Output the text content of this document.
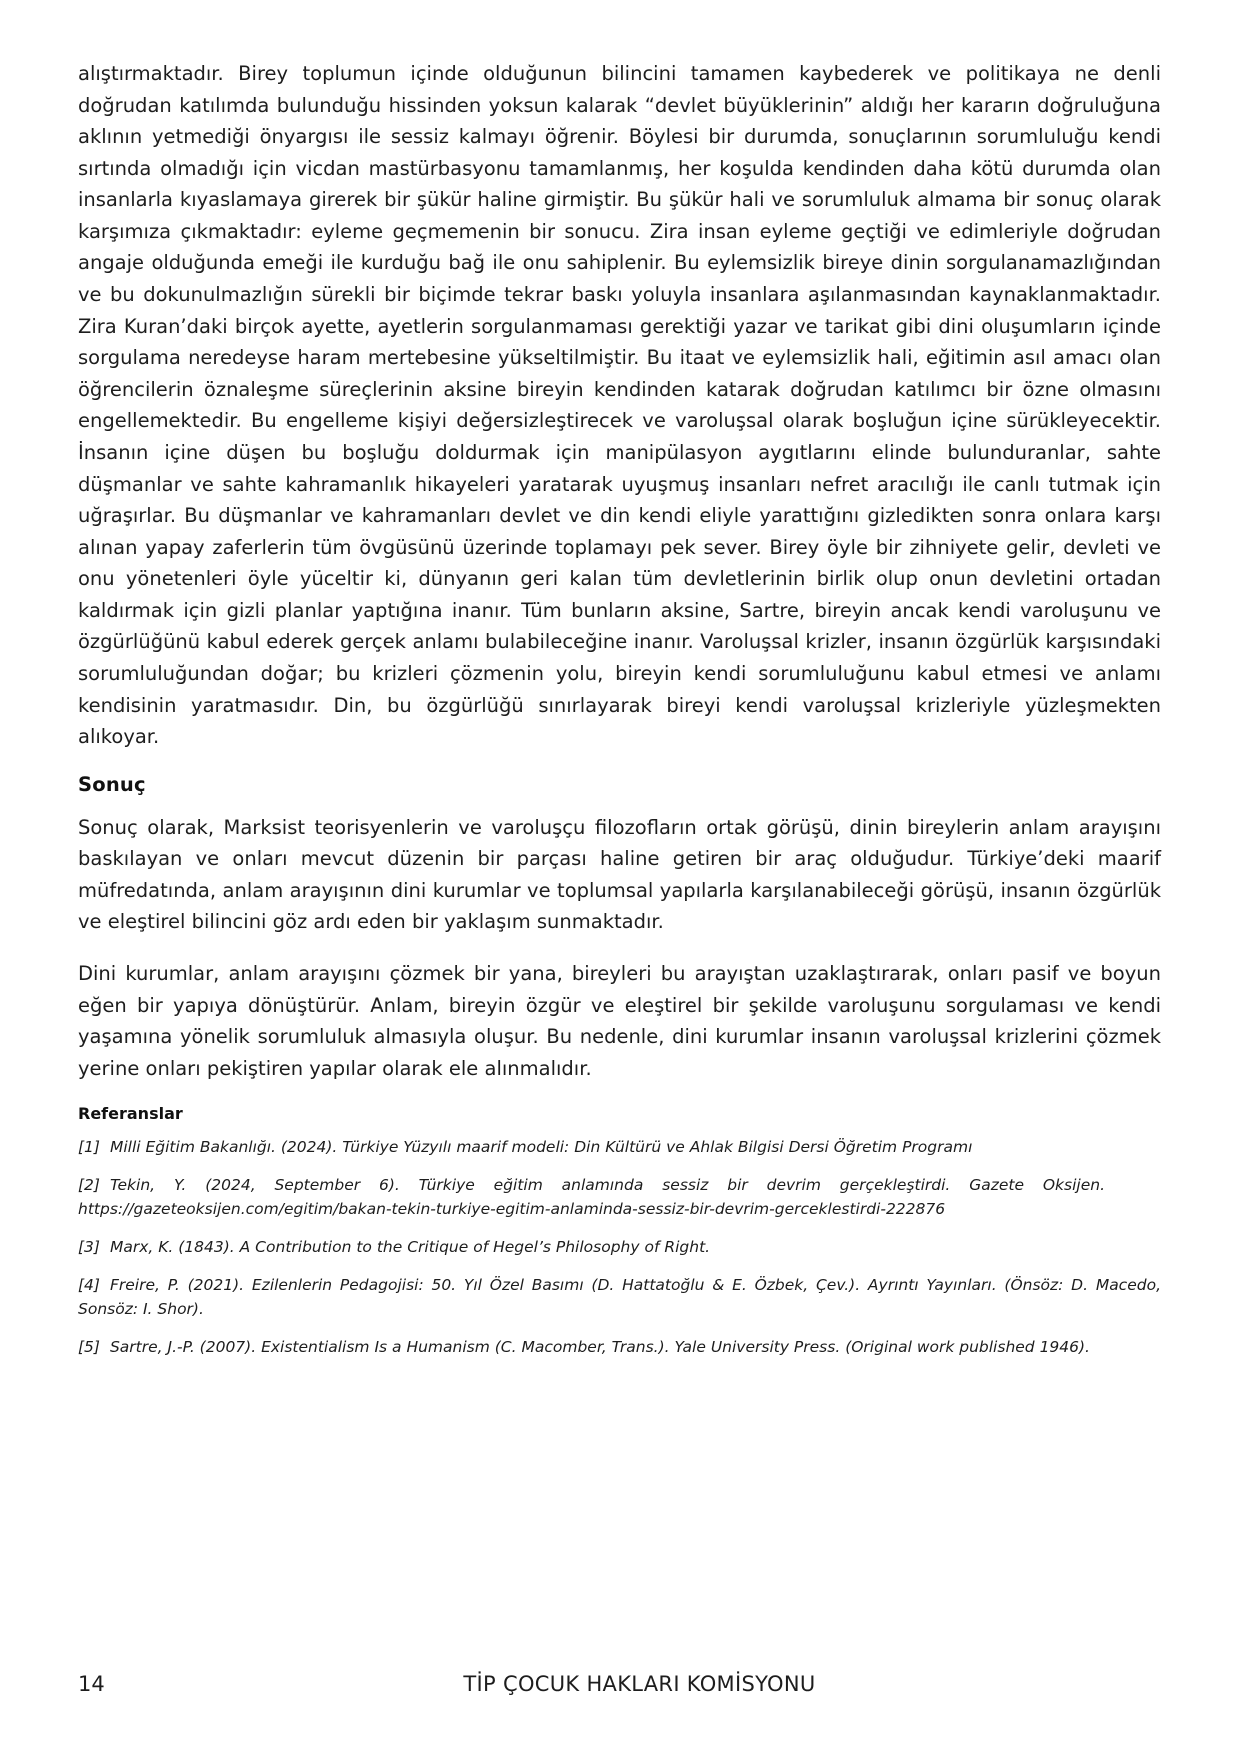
alıştırmaktadır. Birey toplumun içinde olduğunun bilincini tamamen kaybederek ve politikaya ne denli doğrudan katılımda bulunduğu hissinden yoksun kalarak “devlet büyüklerinin” aldığı her kararın doğruluğuna aklının yetmediği önyargısı ile sessiz kalmayı öğrenir. Böylesi bir durumda, sonuçlarının sorumluluğu kendi sırtında olmadığı için vicdan mastürbasyonu tamamlanmış, her koşulda kendinden daha kötü durumda olan insanlarla kıyaslamaya girerek bir şükür haline girmiştir. Bu şükür hali ve sorumluluk almama bir sonuç olarak karşımıza çıkmaktadır: eyleme geçmemenin bir sonucu. Zira insan eyleme geçtiği ve edimleriyle doğrudan angaje olduğunda emeği ile kurduğu bağ ile onu sahiplenir. Bu eylemsizlik bireye dinin sorgulanamazlığından ve bu dokunulmazlığın sürekli bir biçimde tekrar baskı yoluyla insanlara aşılanmasından kaynaklanmaktadır. Zira Kuran’daki birçok ayette, ayetlerin sorgulanmaması gerektiği yazar ve tarikat gibi dini oluşumların içinde sorgulama neredeyse haram mertebesine yükseltilmiştir. Bu itaat ve eylemsizlik hali, eğitimin asıl amacı olan öğrencilerin öznaleşme süreçlerinin aksine bireyin kendinden katarak doğrudan katılımcı bir özne olmasını engellemektedir. Bu engelleme kişiyi değersizleştirecek ve varoluşsal olarak boşluğun içine sürükleyecektir. İnsanın içine düşen bu boşluğu doldurmak için manipülasyon aygıtlarını elinde bulunduranlar, sahte düşmanlar ve sahte kahramanlık hikayeleri yaratarak uyuşmuş insanları nefret aracılığı ile canlı tutmak için uğraşırlar. Bu düşmanlar ve kahramanları devlet ve din kendi eliyle yarattığını gizledikten sonra onlara karşı alınan yapay zaferlerin tüm övgüsünü üzerinde toplamayı pek sever. Birey öyle bir zihniyete gelir, devleti ve onu yönetenleri öyle yüceltir ki, dünyanın geri kalan tüm devletlerinin birlik olup onun devletini ortadan kaldırmak için gizli planlar yaptığına inanır. Tüm bunların aksine, Sartre, bireyin ancak kendi varoluşunu ve özgürlüğünü kabul ederek gerçek anlamı bulabileceğine inanır. Varoluşsal krizler, insanın özgürlük karşısındaki sorumluluğundan doğar; bu krizleri çözmenin yolu, bireyin kendi sorumluluğunu kabul etmesi ve anlamı kendisinin yaratmasıdır. Din, bu özgürlüğü sınırlayarak bireyi kendi varoluşsal krizleriyle yüzleşmekten alıkoyar.

Sonuç

Sonuç olarak, Marksist teorisyenlerin ve varoluşçu filozofların ortak görüşü, dinin bireylerin anlam arayışını baskılayan ve onları mevcut düzenin bir parçası haline getiren bir araç olduğudur. Türkiye’deki maarif müfredatında, anlam arayışının dini kurumlar ve toplumsal yapılarla karşılanabileceği görüşü, insanın özgürlük ve eleştirel bilincini göz ardı eden bir yaklaşım sunmaktadır.

Dini kurumlar, anlam arayışını çözmek bir yana, bireyleri bu arayıştan uzaklaştırarak, onları pasif ve boyun eğen bir yapıya dönüştürür. Anlam, bireyin özgür ve eleştirel bir şekilde varoluşunu sorgulaması ve kendi yaşamına yönelik sorumluluk almasıyla oluşur. Bu nedenle, dini kurumlar insanın varoluşsal krizlerini çözmek yerine onları pekiştiren yapılar olarak ele alınmalıdır.

Referanslar

[1] Milli Eğitim Bakanlığı. (2024). Türkiye Yüzyılı maarif modeli: Din Kültürü ve Ahlak Bilgisi Dersi Öğretim Programı

[2] Tekin, Y. (2024, September 6). Türkiye eğitim anlamında sessiz bir devrim gerçekleştirdi. Gazete Oksijen.https://gazeteoksijen.com/egitim/bakan-tekin-turkiye-egitim-anlaminda-sessiz-bir-devrim-gerceklestirdi-222876

[3] Marx, K. (1843). A Contribution to the Critique of Hegel’s Philosophy of Right.

[4] Freire, P. (2021). Ezilenlerin Pedagojisi: 50. Yıl Özel Basımı (D. Hattatoğlu & E. Özbek, Çev.). Ayrıntı Yayınları. (Önsöz: D. Macedo, Sonsöz: I. Shor).

[5] Sartre, J.-P. (2007). Existentialism Is a Humanism (C. Macomber, Trans.). Yale University Press. (Original work published 1946).

14	TİP ÇOCUK HAKLARI KOMİSYONU
